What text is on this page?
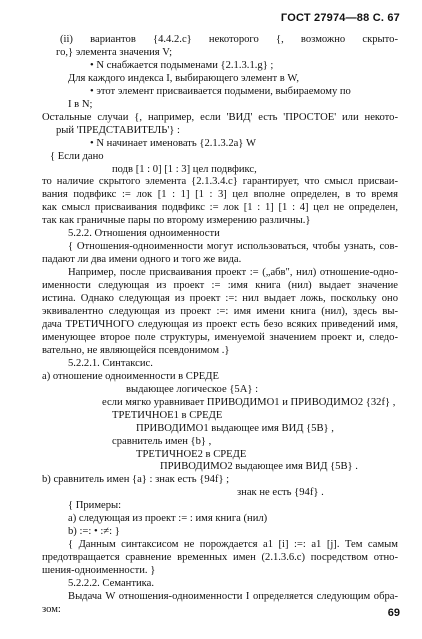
ГОСТ 27974—88 С. 67
(ii) вариантов {4.4.2.с} некоторого {, возможно скрыто-
го,} элемента значения V;
• N снабжается подыменами {2.1.3.1.g} ;
Для каждого индекса I, выбирающего элемент в W,
• этот элемент присваивается подымени, выбираемому по
I в N;
Остальные случаи {, например, если 'ВИД' есть 'ПРОСТОЕ' или некото-
рый 'ПРЕДСТАВИТЕЛЬ'} :
• N начинает именовать {2.1.3.2а} W
{ Если дано
подв [1 : 0] [1 : 3] цел подвфикс,
то наличие скрытого элемента {2.1.3.4.с} гарантирует, что смысл присваи-
вания подвфикс := лок [1 : 1] [1 : 3] цел вполне определен, в то время
как смысл присваивания подвфикс := лок [1 : 1] [1 : 4] цел не определен,
так как граничные пары по второму измерению различны.}
5.2.2. Отношения одноименности
{ Отношения-одноименности могут использоваться, чтобы узнать, сов-
падают ли два имени одного и того же вида.
Например, после присваивания проект := („абв", нил) отношение-одно-
именности следующая из проект := :имя книга (нил) выдает значение
истина. Однако следующая из проект :=: нил выдает ложь, поскольку оно
эквивалентно следующая из проект :=: имя имени книга (нил), здесь вы-
дача ТРЕТИЧНОГО следующая из проект есть безо всяких приведений имя,
именующее второе поле структуры, именуемой значением проект и, следо-
вательно, не являющейся псевдонимом .}
5.2.2.1. Синтаксис.
а) отношение одноименности в СРЕДЕ
выдающее логическое {5А} :
если мягко уравнивает ПРИВОДИМО1 и ПРИВОДИМО2 {32f} ,
ТРЕТИЧНОЕ1 в СРЕДЕ
ПРИВОДИМО1 выдающее имя ВИД {5В} ,
сравнитель имен {b} ,
ТРЕТИЧНОЕ2 в СРЕДЕ
ПРИВОДИМО2 выдающее имя ВИД {5В} .
b) сравнитель имен {а} : знак есть {94f} ;
знак не есть {94f} .
{ Примеры:
а) следующая из проект := : имя книга (нил)
b) :=: • :≠: }
{ Данным синтаксисом не порождается а1 [i] :=: а1 [j]. Тем самым
предотвращается сравнение временных имен (2.1.3.6.с) посредством отно-
шения-одноименности. }
5.2.2.2. Семантика.
Выдача W отношения-одноименности I определяется следующим обра-
зом:	69
